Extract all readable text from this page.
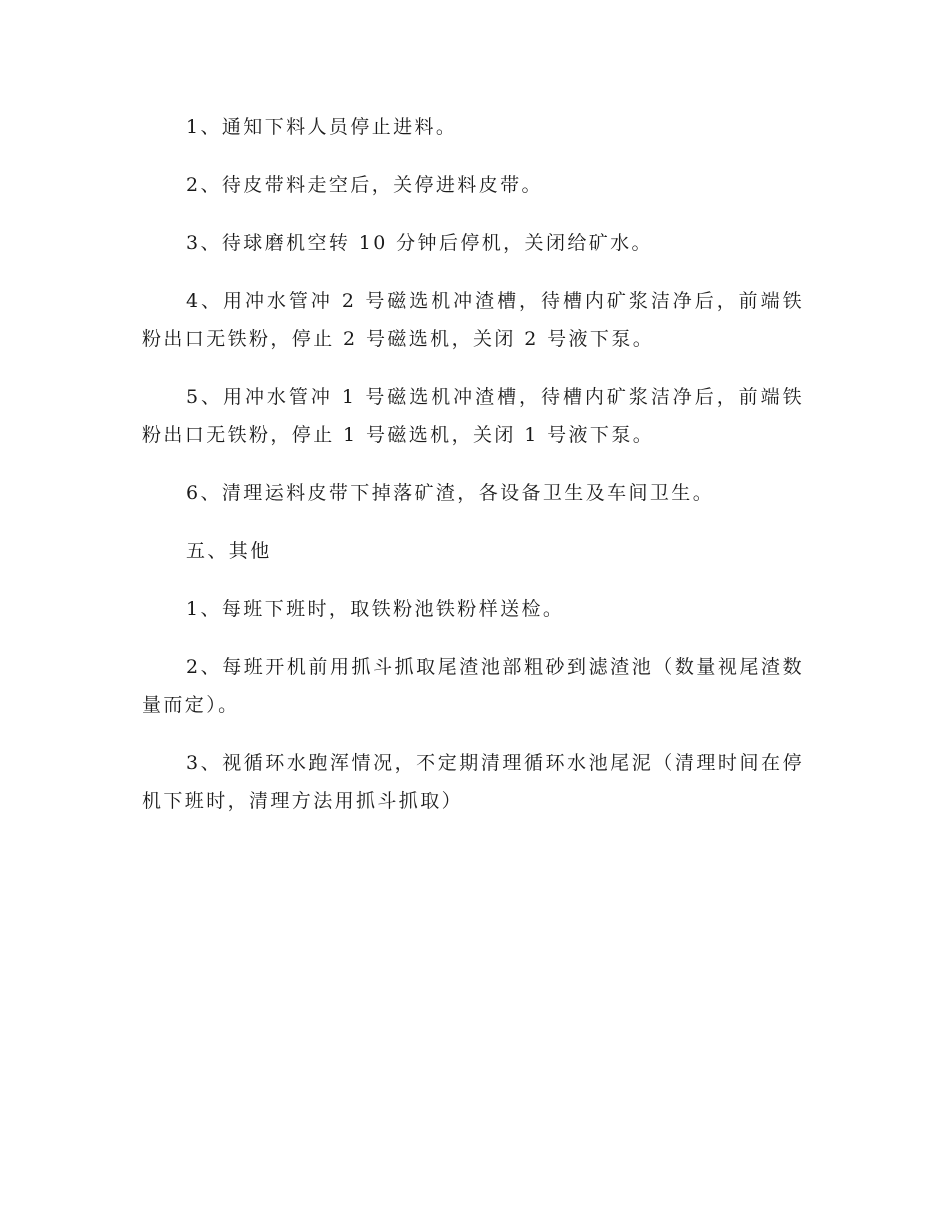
1、通知下料人员停止进料。

2、待皮带料走空后，关停进料皮带。

3、待球磨机空转 10 分钟后停机，关闭给矿水。

4、用冲水管冲 2 号磁选机冲渣槽，待槽内矿浆洁净后，前端铁粉出口无铁粉，停止 2 号磁选机，关闭 2 号液下泵。

5、用冲水管冲 1 号磁选机冲渣槽，待槽内矿浆洁净后，前端铁粉出口无铁粉，停止 1 号磁选机，关闭 1 号液下泵。

6、清理运料皮带下掉落矿渣，各设备卫生及车间卫生。

五、其他

1、每班下班时，取铁粉池铁粉样送检。

2、每班开机前用抓斗抓取尾渣池部粗砂到滤渣池（数量视尾渣数量而定）。

3、视循环水跑浑情况，不定期清理循环水池尾泥（清理时间在停机下班时，清理方法用抓斗抓取）
